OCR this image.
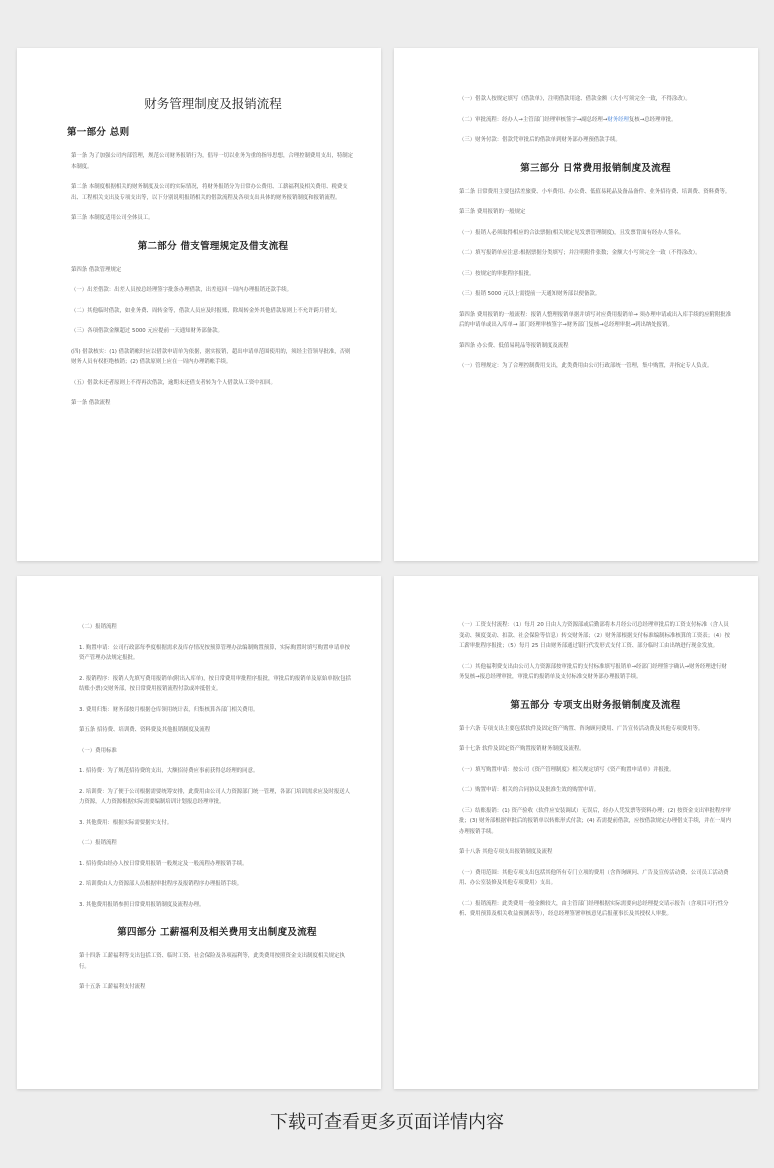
财务管理制度及报销流程
第一部分 总则
第一条 为了加强公司内部管理，规范公司财务报销行为，倡导一切以业务为重的指导思想，合理控制费用支出，特制定本制度。
第二条 本制度根据相关的财务制度及公司的实际情况，将财务报销分为日常办公费用、工薪福利及相关费用、税费支出、工程相关支出及专项支出等，以下分别说明报销相关的借款流程及各项支出具体的财务报销制度和报销流程。
第三条 本制度适用公司全体员工。
第二部分 借支管理规定及借支流程
第四条 借款管理规定
（一）出差借款：出差人员按总经理签字批条办理借款，出差返回一周内办理报销还款手续。
（二）其他临时借款，如业务费、周转金等，借款人员应及时报账，除周转金外其他借款原则上不允许跨月借支。
（三）各项借款金额超过 5000 元应提前一天通知财务部备款。
(四) 借款核实：(1) 借款销帐时应以借款申请单为依据，据实报销，超出申请单范围使用的，须经主管领导批准，否则财务人员有权拒绝核销；(2) 借款原则上应在一周内办理销帐手续。
（五）借款未还者原则上不得再次借款，逾期未还借支者转为个人借款从工资中扣回。
第一条 借款流程
（一）借款人按规定填写《借款单》，注明借款用途、借款金额（大小写须完全一致，不得涂改）。
（二）审批流程：经办人→主管部门经理审核签字→副总经理→财务经理复核→总经理审批。
（三）财务付款：借款凭审批后的借款单到财务部办理预借款手续。
第三部分 日常费用报销制度及流程
第二条 日常费用主要包括差旅费、小车费用、办公费、低值易耗品及备品备件、业务招待费、培训费、资料费等。
第三条 费用报销的一般规定
（一）报销人必须取得相应的合法票据(相关规定见发票管理制度)，且发票背面有经办人签名。
（二）填写报销单应注意:根据票据分类填写；并注明附件张数；金额大小写须完全一致（不得涂改）。
（三）按规定的审批程序报批。
（三）报销 5000 元以上需提前一天通知财务部以便备款。
第四条 费用报销的一般流程：报销人整理报销单据并填写对应费用报销单→ 须办理申请或出入库手续的应附附批准后的申请单或出入库单→ 部门经理审核签字→财务部门复核→总经理审批→到出纳处报销。
第四条 办公费、低值易耗品等报销制度及流程
（一）管理规定：为了合理控制费用支出，此类费用由公司行政部统一管理，集中购置，并指定专人负责。
（二）报销流程
1. 购置申请：公司行政部每季度根据需求及库存情况按预算管理办法编制购置预算，实际购置时填写购置申请单按资产管理办法规定报批。
2. 报销程序：报销人先填写费用报销单(附出入库单)，按日常费用审批程序报批，审批后的报销单及原始单据(包括结账小票)交财务部，按日常费用报销流程付款或冲抵借支。
3. 费用归集：财务部按月根据仓库领用统计表，归集核算各部门相关费用。
第五条 招待费、培训费、资料费及其他报销制度及流程
（一）费用标准
1. 招待费：为了规范招待费的支出，大额招待费应事前获得总经理的同意。
2. 培训费：为了便于公司根据需要统筹安排，此费用由公司人力资源部门统一管理，各部门培训需求应及时报送人力资源，人力资源根据实际需要编制培训计划报总经理审批。
3. 其他费用：根据实际需要据实支付。
（二）报销流程
1. 招待费由经办人按日常费用报销一般规定及一般流程办理报销手续。
2. 培训费由人力资源部人员根据审批程序及报销程序办理报销手续。
3. 其他费用报销参照日常费用报销制度及流程办理。
第四部分 工薪福利及相关费用支出制度及流程
第十四条 工薪福利等支出包括工资、临时工资、社会保险及各项福利等，此类费用按照资金支出制度相关规定执行。
第十五条 工薪福利支付流程
（一）工资支付流程：（1）每月 20 日由人力资源部或后勤部将本月经公司总经理审批后的工资支付标准（含人员变动、频度变动、扣款、社会保险等信息）转交财务部；（2）财务部根据支付标准编制标准核算的工资表；（4）按工薪审批程序报批；（5）每月 25 日由财务部通过银行代发形式支付工资、部分临时工由出纳进行现金发放。
（二）其他福利费支出由公司人力资源部按审批后的支付标准填写报销单→经部门经理签字确认→财务经理进行财务复核→报总经理审批，审批后的报销单及支付标准交财务部办理报销手续。
第五部分 专项支出财务报销制度及流程
第十六条 专项支出主要包括软件及固定资产购置、咨询顾问费用、广告宣传活动费及其他专项费用等。
第十七条 软件及固定资产购置报销财务制度及流程。
（一）填写购置申请：按公司《资产管理制度》相关规定填写《资产购置申请单》并报批。
（二）购置申请：相关的合同协议及批准生效的购置申请。
（三）结账报销：(1) 资产验收（软件应安装调试）无误后，经办人凭发票等资料办理；(2) 按资金支出审批程序审批；(3) 财务部根据审批后的报销单以转账形式付款；(4) 若需提前借款，应按借款规定办理借支手续，并在一周内办理报销手续。
第十八条 其他专项支出报销制度及流程
（一）费用范围：其他专项支出包括其他所有专门立项的费用（含咨询顾问、广告及宣传活动费、公司员工活动费用、办公室装修及其他专项费用）支出。
（二）报销流程：此类费用一般金额较大，由主管部门经理根据实际需要向总经理提交请示报告（含项目可行性分析、费用预算及相关收益预测表等），经总经理签署审核意见后报董事长及其授权人审批。
下载可查看更多页面详情内容
